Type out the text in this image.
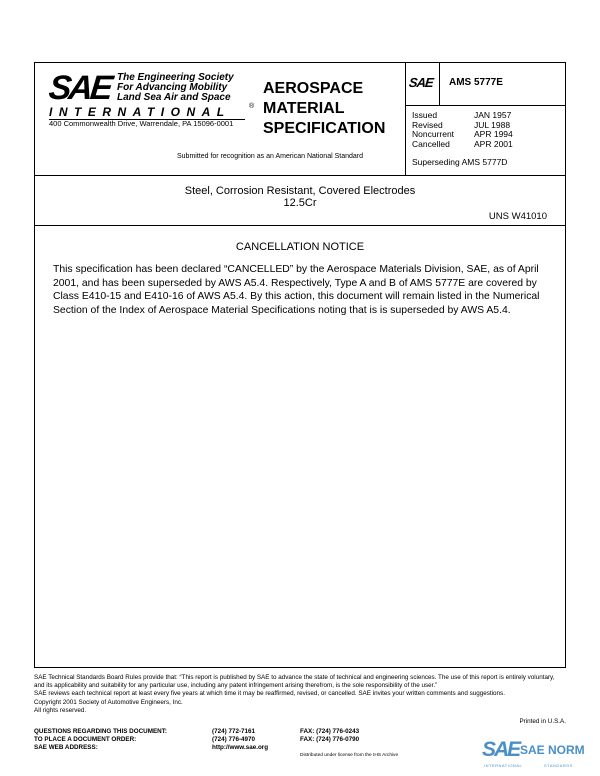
SAE The Engineering Society
For Advancing Mobility
Land Sea Air and Space
INTERNATIONAL	®
400 Commonwealth Drive, Warrendale, PA 15096-0001
AEROSPACE
MATERIAL
SPECIFICATION
Submitted for recognition as an American National Standard
SAE AMS 5777E
Issued	JAN 1957
Revised	JUL 1988
Noncurrent	APR 1994
Cancelled	APR 2001
Superseding AMS 5777D
Steel, Corrosion Resistant, Covered Electrodes
12.5Cr
UNS W41010
CANCELLATION NOTICE
This specification has been declared “CANCELLED” by the Aerospace Materials Division, SAE, as of April 2001, and has been superseded by AWS A5.4. Respectively, Type A and B of AMS 5777E are covered by Class E410-15 and E410-16 of AWS A5.4. By this action, this document will remain listed in the Numerical Section of the Index of Aerospace Material Specifications noting that is is superseded by AWS A5.4.

SAE Technical Standards Board Rules provide that: “This report is published by SAE to advance the state of technical and engineering sciences. The use of this report is entirely voluntary, and its applicability and suitability for any particular use, including any patent infringement arising therefrom, is the sole responsibility of the user.”

SAE reviews each technical report at least every five years at which time it may be reaffirmed, revised, or cancelled. SAE invites your written comments and suggestions.

Copyright 2001 Society of Automotive Engineers, Inc.

All rights reserved.

Printed in U.S.A.
QUESTIONS REGARDING THIS DOCUMENT:	(724) 772-7161	FAX: (724) 776-0243
TO PLACE A DOCUMENT ORDER:	(724) 776-4970	FAX: (724) 776-0790
SAE WEB ADDRESS:	http://www.sae.org
Distributed under license from the IHS Archive	SAE SAE NORM
INTERNATIONAL	STANDARDS
